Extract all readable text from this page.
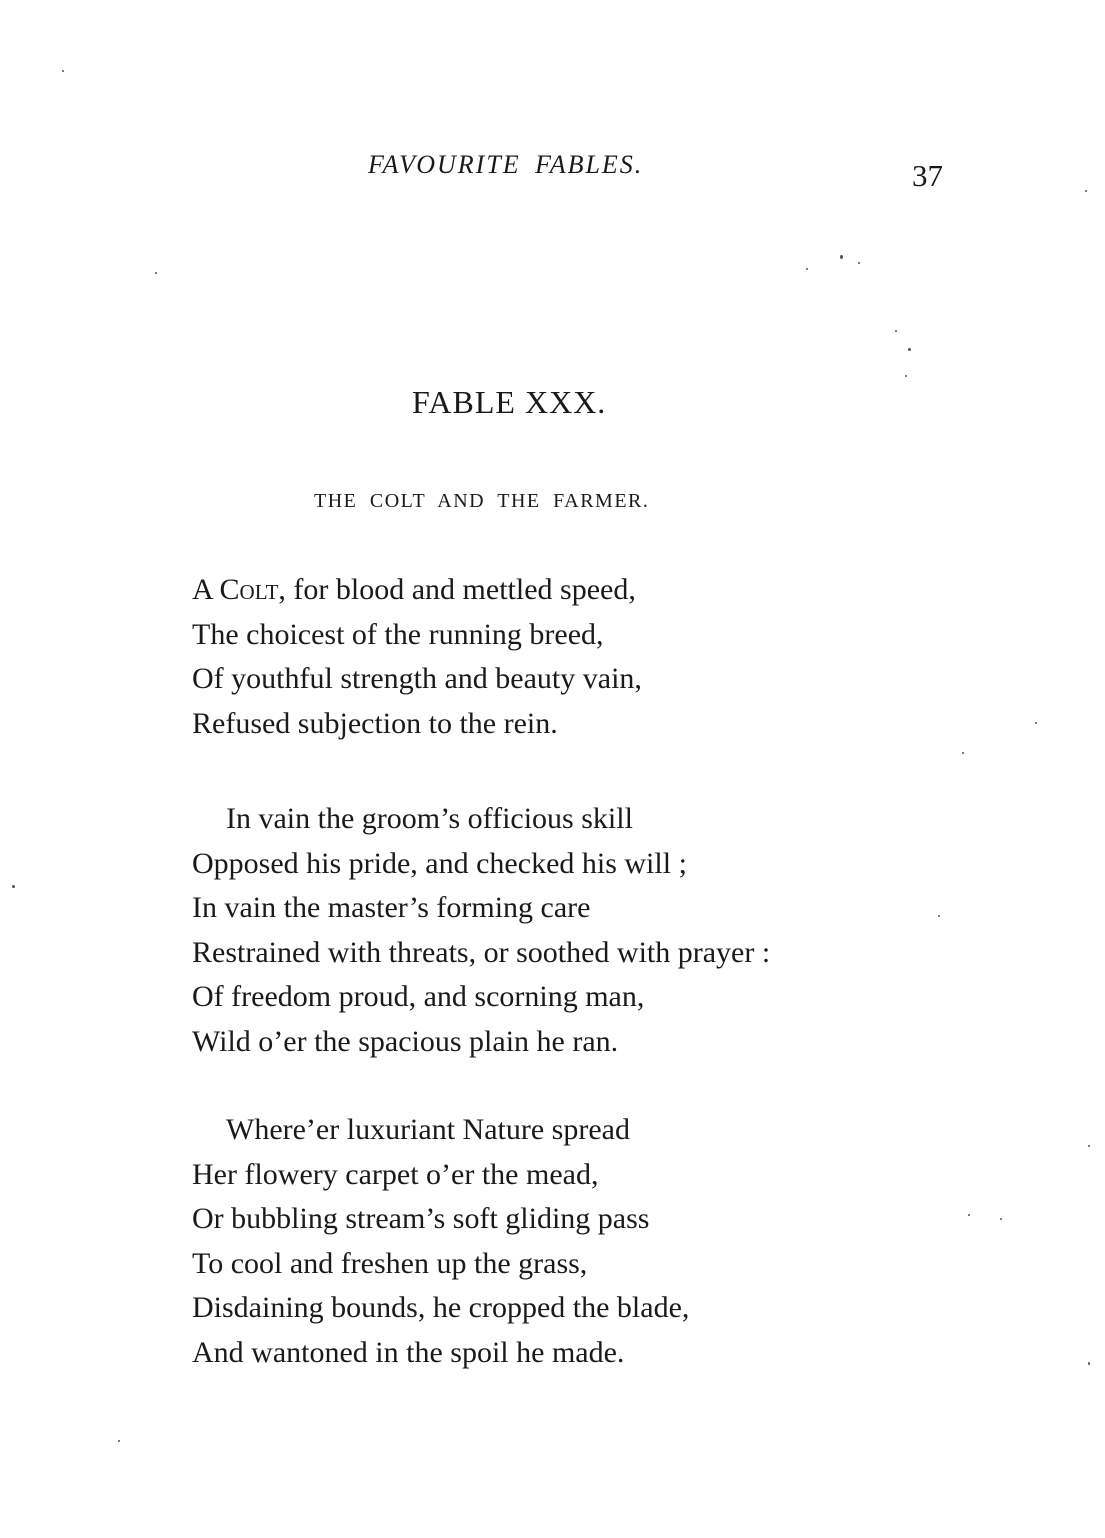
FAVOURITE FABLES.	37
FABLE XXX.
THE COLT AND THE FARMER.
A Colt, for blood and mettled speed,
The choicest of the running breed,
Of youthful strength and beauty vain,
Refused subjection to the rein.
In vain the groom’s officious skill
Opposed his pride, and checked his will ;
In vain the master’s forming care
Restrained with threats, or soothed with prayer :
Of freedom proud, and scorning man,
Wild o’er the spacious plain he ran.
Where’er luxuriant Nature spread
Her flowery carpet o’er the mead,
Or bubbling stream’s soft gliding pass
To cool and freshen up the grass,
Disdaining bounds, he cropped the blade,
And wantoned in the spoil he made.
